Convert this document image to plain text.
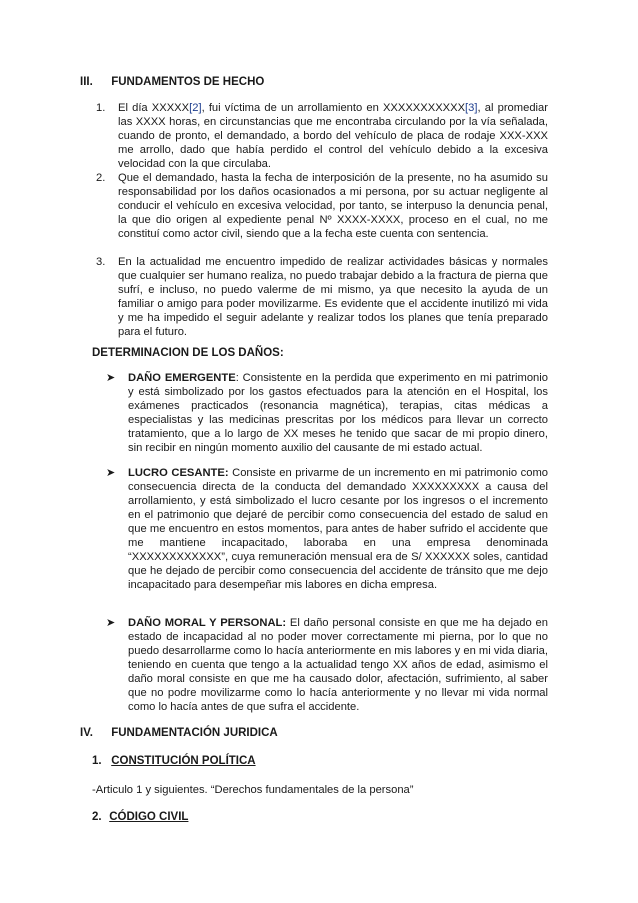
III. FUNDAMENTOS DE HECHO
1. El día XXXXX[2], fui víctima de un arrollamiento en XXXXXXXXXXX[3], al promediar las XXXX horas, en circunstancias que me encontraba circulando por la vía señalada, cuando de pronto, el demandado, a bordo del vehículo de placa de rodaje XXX-XXX me arrollo, dado que había perdido el control del vehículo debido a la excesiva velocidad con la que circulaba.
2. Que el demandado, hasta la fecha de interposición de la presente, no ha asumido su responsabilidad por los daños ocasionados a mi persona, por su actuar negligente al conducir el vehículo en excesiva velocidad, por tanto, se interpuso la denuncia penal, la que dio origen al expediente penal Nº XXXX-XXXX, proceso en el cual, no me constituí como actor civil, siendo que a la fecha este cuenta con sentencia.
3. En la actualidad me encuentro impedido de realizar actividades básicas y normales que cualquier ser humano realiza, no puedo trabajar debido a la fractura de pierna que sufrí, e incluso, no puedo valerme de mi mismo, ya que necesito la ayuda de un familiar o amigo para poder movilizarme. Es evidente que el accidente inutilizó mi vida y me ha impedido el seguir adelante y realizar todos los planes que tenía preparado para el futuro.
DETERMINACION DE LOS DAÑOS:
➤ DAÑO EMERGENTE: Consistente en la perdida que experimento en mi patrimonio y está simbolizado por los gastos efectuados para la atención en el Hospital, los exámenes practicados (resonancia magnética), terapias, citas médicas a especialistas y las medicinas prescritas por los médicos para llevar un correcto tratamiento, que a lo largo de XX meses he tenido que sacar de mi propio dinero, sin recibir en ningún momento auxilio del causante de mi estado actual.
➤ LUCRO CESANTE: Consiste en privarme de un incremento en mi patrimonio como consecuencia directa de la conducta del demandado XXXXXXXXX a causa del arrollamiento, y está simbolizado el lucro cesante por los ingresos o el incremento en el patrimonio que dejaré de percibir como consecuencia del estado de salud en que me encuentro en estos momentos, para antes de haber sufrido el accidente que me mantiene incapacitado, laboraba en una empresa denominada “XXXXXXXXXXXX”, cuya remuneración mensual era de S/ XXXXXX soles, cantidad que he dejado de percibir como consecuencia del accidente de tránsito que me dejo incapacitado para desempeñar mis labores en dicha empresa.
➤ DAÑO MORAL Y PERSONAL: El daño personal consiste en que me ha dejado en estado de incapacidad al no poder mover correctamente mi pierna, por lo que no puedo desarrollarme como lo hacía anteriormente en mis labores y en mi vida diaria, teniendo en cuenta que tengo a la actualidad tengo XX años de edad, asimismo el daño moral consiste en que me ha causado dolor, afectación, sufrimiento, al saber que no podre movilizarme como lo hacía anteriormente y no llevar mi vida normal como lo hacía antes de que sufra el accidente.
IV. FUNDAMENTACIÓN JURIDICA
1. CONSTITUCIÓN POLÍTICA
-Articulo 1 y siguientes. “Derechos fundamentales de la persona”
2. CÓDIGO CIVIL
